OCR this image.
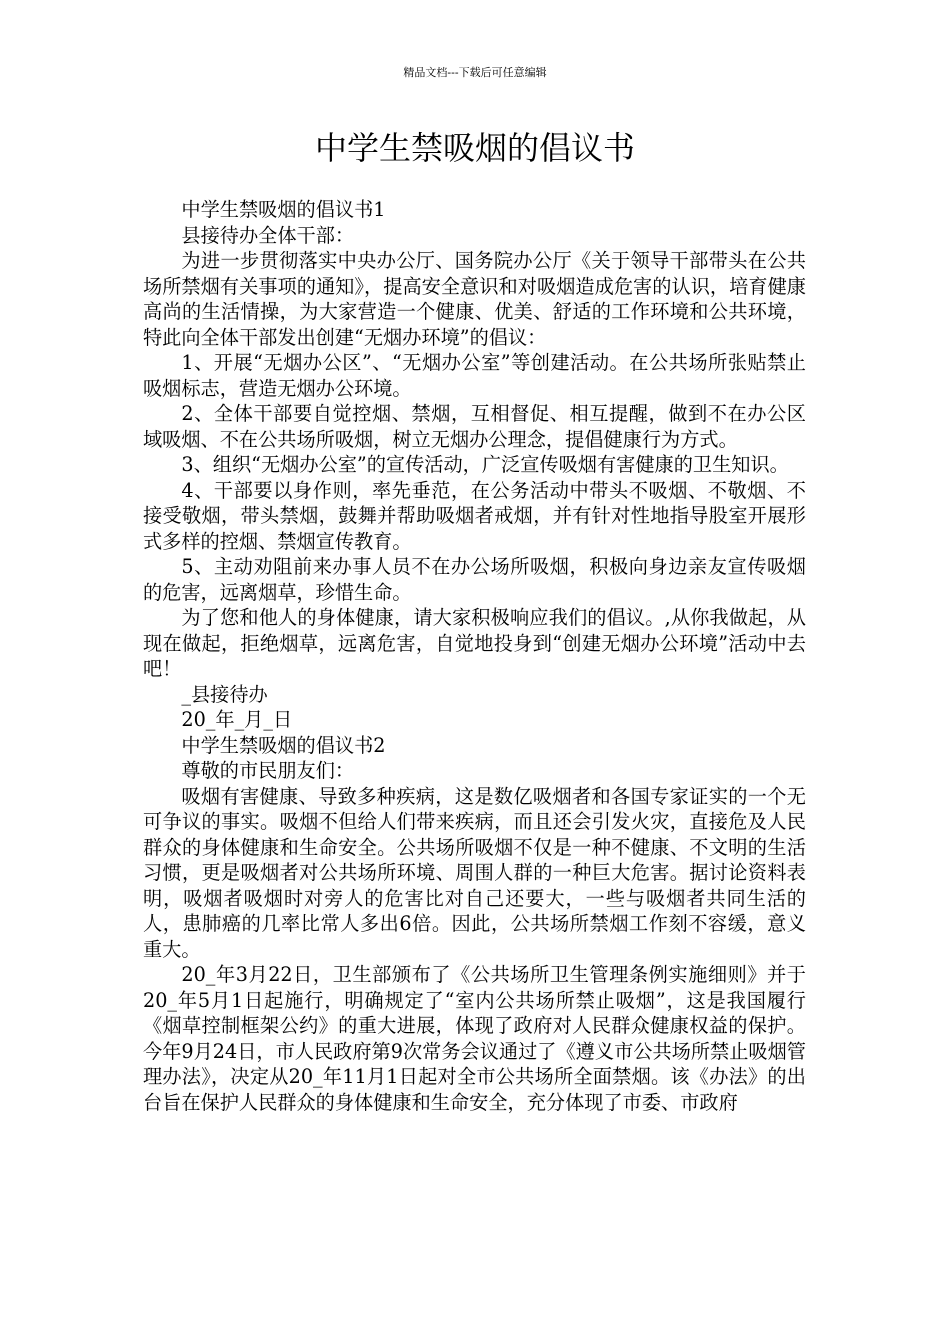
精品文档---下载后可任意编辑
中学生禁吸烟的倡议书

中学生禁吸烟的倡议书1

县接待办全体干部：

为进一步贯彻落实中央办公厅、国务院办公厅《关于领导干部带头在公共场所禁烟有关事项的通知》，提高安全意识和对吸烟造成危害的认识，培育健康高尚的生活情操，为大家营造一个健康、优美、舒适的工作环境和公共环境，特此向全体干部发出创建“无烟办环境”的倡议：

1、开展“无烟办公区”、“无烟办公室”等创建活动。在公共场所张贴禁止吸烟标志，营造无烟办公环境。

2、全体干部要自觉控烟、禁烟，互相督促、相互提醒，做到不在办公区域吸烟、不在公共场所吸烟，树立无烟办公理念，提倡健康行为方式。

3、组织“无烟办公室”的宣传活动，广泛宣传吸烟有害健康的卫生知识。

4、干部要以身作则，率先垂范，在公务活动中带头不吸烟、不敬烟、不接受敬烟，带头禁烟，鼓舞并帮助吸烟者戒烟，并有针对性地指导股室开展形式多样的控烟、禁烟宣传教育。

5、主动劝阻前来办事人员不在办公场所吸烟，积极向身边亲友宣传吸烟的危害，远离烟草，珍惜生命。

为了您和他人的身体健康，请大家积极响应我们的倡议。,从你我做起，从现在做起，拒绝烟草，远离危害，自觉地投身到“创建无烟办公环境”活动中去吧！

_县接待办

20_年_月_日

中学生禁吸烟的倡议书2

尊敬的市民朋友们：

吸烟有害健康、导致多种疾病，这是数亿吸烟者和各国专家证实的一个无可争议的事实。吸烟不但给人们带来疾病，而且还会引发火灾，直接危及人民群众的身体健康和生命安全。公共场所吸烟不仅是一种不健康、不文明的生活习惯，更是吸烟者对公共场所环境、周围人群的一种巨大危害。据讨论资料表明，吸烟者吸烟时对旁人的危害比对自己还要大，一些与吸烟者共同生活的人，患肺癌的几率比常人多出6倍。因此，公共场所禁烟工作刻不容缓，意义重大。

20_年3月22日，卫生部颁布了《公共场所卫生管理条例实施细则》并于20_年5月1日起施行，明确规定了“室内公共场所禁止吸烟”，这是我国履行《烟草控制框架公约》的重大进展，体现了政府对人民群众健康权益的保护。今年9月24日，市人民政府第9次常务会议通过了《遵义市公共场所禁止吸烟管理办法》，决定从20_年11月1日起对全市公共场所全面禁烟。该《办法》的出台旨在保护人民群众的身体健康和生命安全，充分体现了市委、市政府
